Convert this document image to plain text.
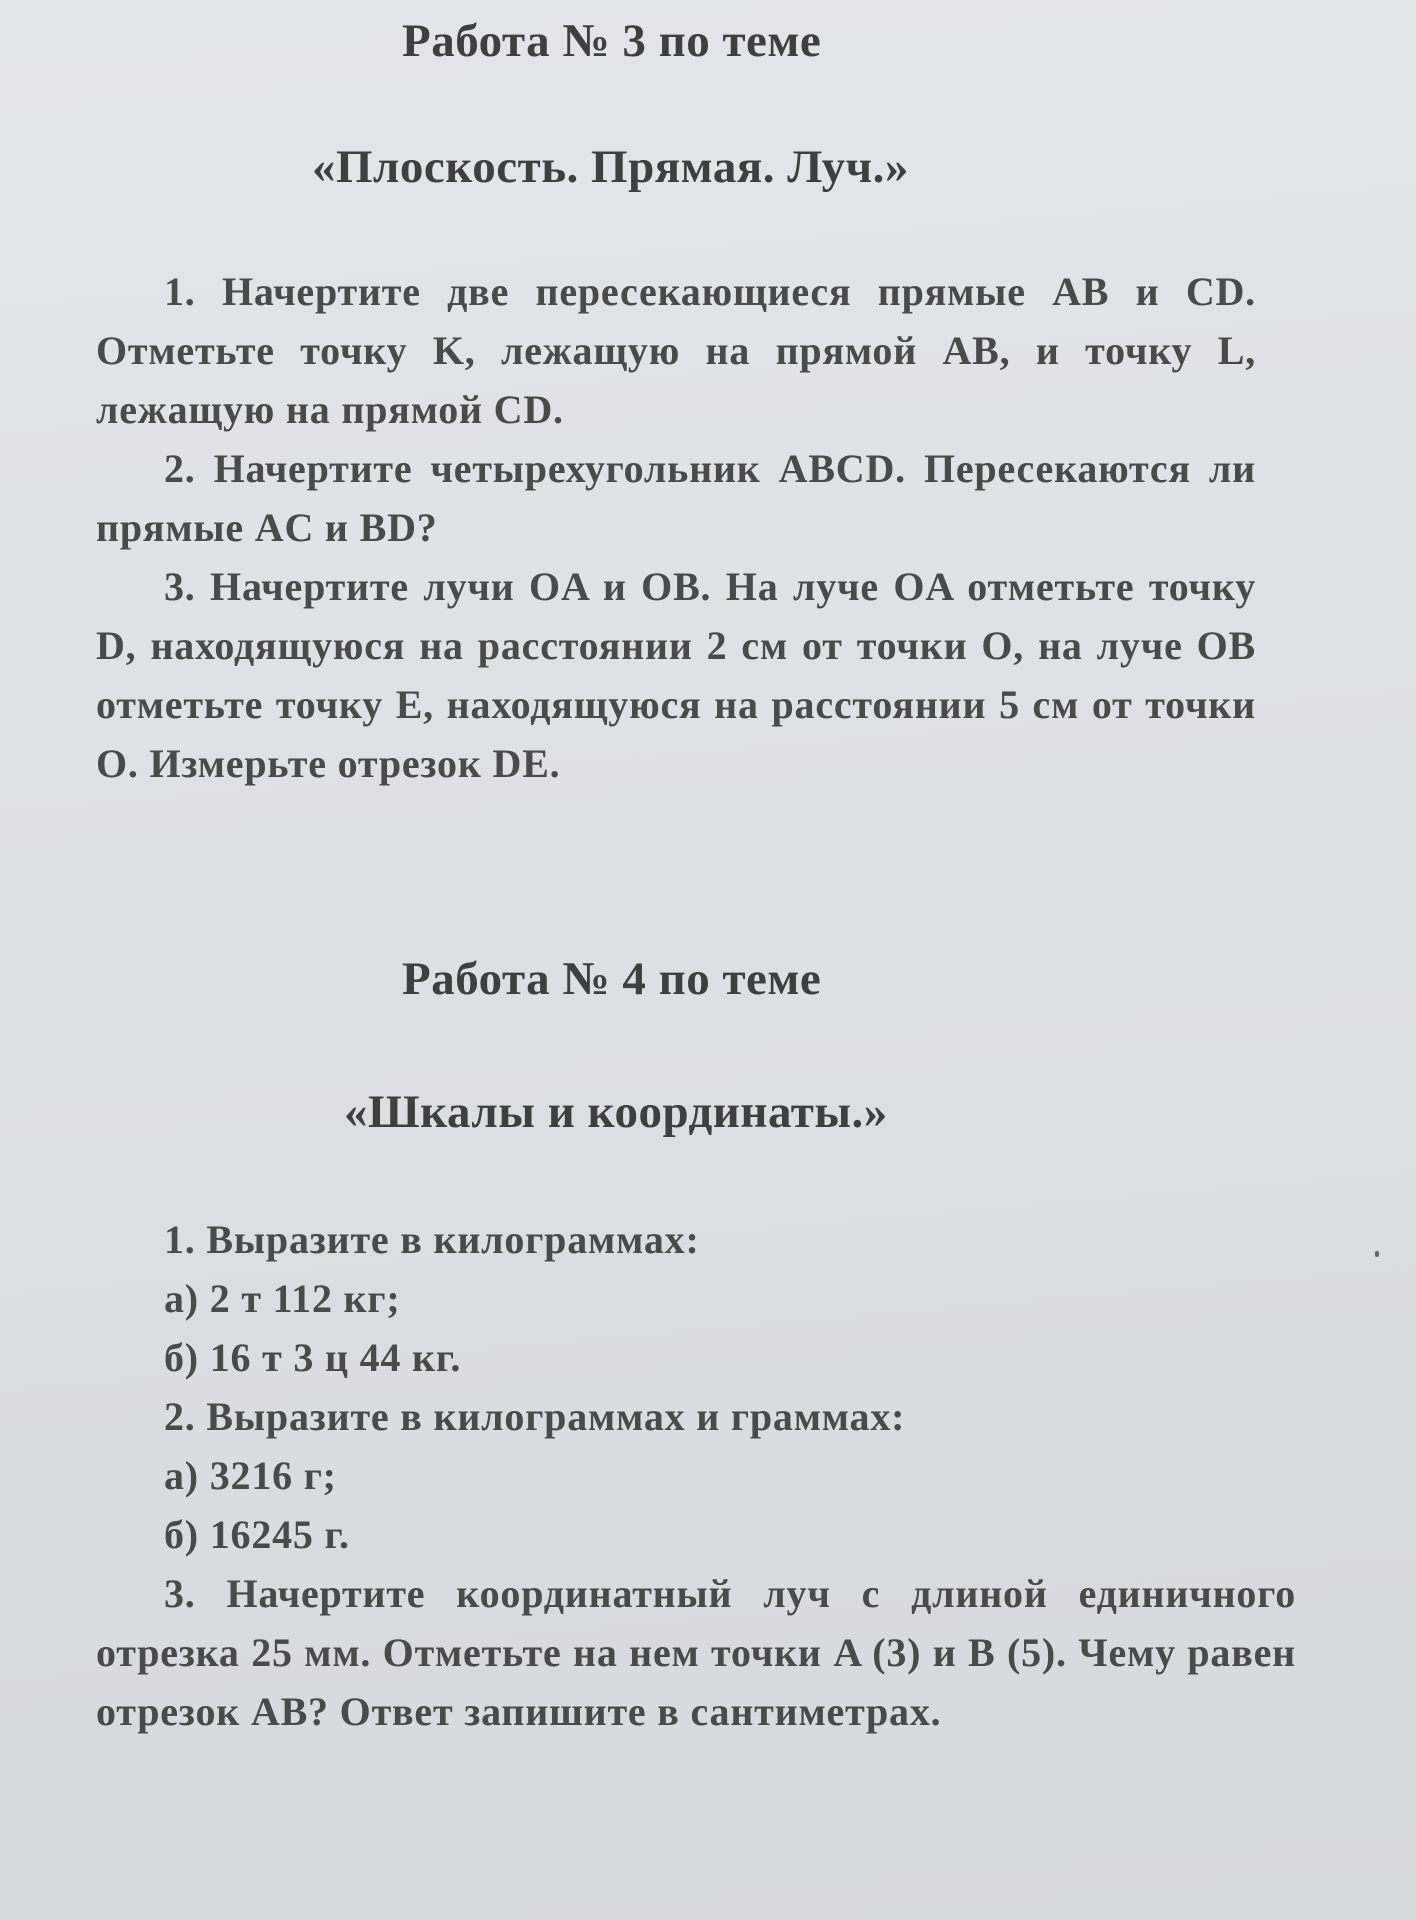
Работа № 3 по теме
«Плоскость. Прямая. Луч.»

1. Начертите две пересекающиеся прямые AB и CD. Отметьте точку K, лежащую на прямой AB, и точку L, лежащую на прямой CD.

2. Начертите четырехугольник ABCD. Пересекаются ли прямые AC и BD?

3. Начертите лучи OA и OB. На луче OA отметьте точку D, находящуюся на расстоянии 2 см от точки O, на луче OB отметьте точку E, находящуюся на расстоянии 5 см от точки O. Измерьте отрезок DE.

Работа № 4 по теме
«Шкалы и координаты.»

1. Выразите в килограммах:

а) 2 т 112 кг;

б) 16 т 3 ц 44 кг.

2. Выразите в килограммах и граммах:

а) 3216 г;

б) 16245 г.

3. Начертите координатный луч с длиной единичного отрезка 25 мм. Отметьте на нем точки A (3) и B (5). Чему равен отрезок AB? Ответ запишите в сантиметрах.
